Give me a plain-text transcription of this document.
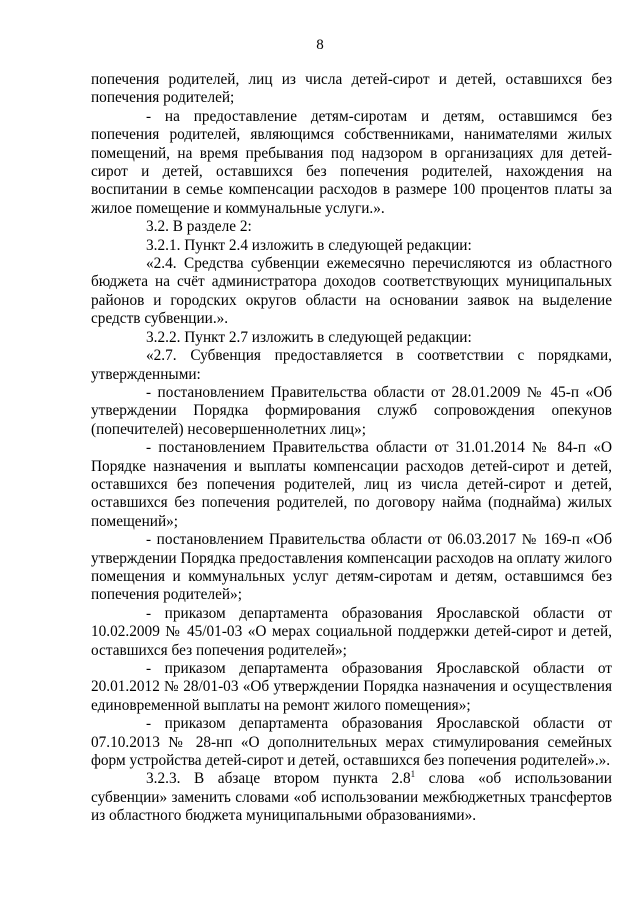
8

попечения родителей, лиц из числа детей-сирот и детей, оставшихся без попечения родителей;

- на предоставление детям-сиротам и детям, оставшимся без попечения родителей, являющимся собственниками, нанимателями жилых помещений, на время пребывания под надзором в организациях для детей-сирот и детей, оставшихся без попечения родителей, нахождения на воспитании в семье компенсации расходов в размере 100 процентов платы за жилое помещение и коммунальные услуги.».

3.2. В разделе 2:

3.2.1. Пункт 2.4 изложить в следующей редакции:

«2.4. Средства субвенции ежемесячно перечисляются из областного бюджета на счёт администратора доходов соответствующих муниципальных районов и городских округов области на основании заявок на выделение средств субвенции.».

3.2.2. Пункт 2.7 изложить в следующей редакции:

«2.7. Субвенция предоставляется в соответствии с порядками, утвержденными:

- постановлением Правительства области от 28.01.2009 № 45-п «Об утверждении Порядка формирования служб сопровождения опекунов (попечителей) несовершеннолетних лиц»;

- постановлением Правительства области от 31.01.2014 № 84-п «О Порядке назначения и выплаты компенсации расходов детей-сирот и детей, оставшихся без попечения родителей, лиц из числа детей-сирот и детей, оставшихся без попечения родителей, по договору найма (поднайма) жилых помещений»;

- постановлением Правительства области от 06.03.2017 № 169-п «Об утверждении Порядка предоставления компенсации расходов на оплату жилого помещения и коммунальных услуг детям-сиротам и детям, оставшимся без попечения родителей»;

- приказом департамента образования Ярославской области от 10.02.2009 № 45/01-03 «О мерах социальной поддержки детей-сирот и детей, оставшихся без попечения родителей»;

- приказом департамента образования Ярославской области от 20.01.2012 № 28/01-03 «Об утверждении Порядка назначения и осуществления единовременной выплаты на ремонт жилого помещения»;

- приказом департамента образования Ярославской области от 07.10.2013 № 28-нп «О дополнительных мерах стимулирования семейных форм устройства детей-сирот и детей, оставшихся без попечения родителей».».

3.2.3. В абзаце втором пункта $2.8^1$ слова «об использовании субвенции» заменить словами «об использовании межбюджетных трансфертов из областного бюджета муниципальными образованиями».
